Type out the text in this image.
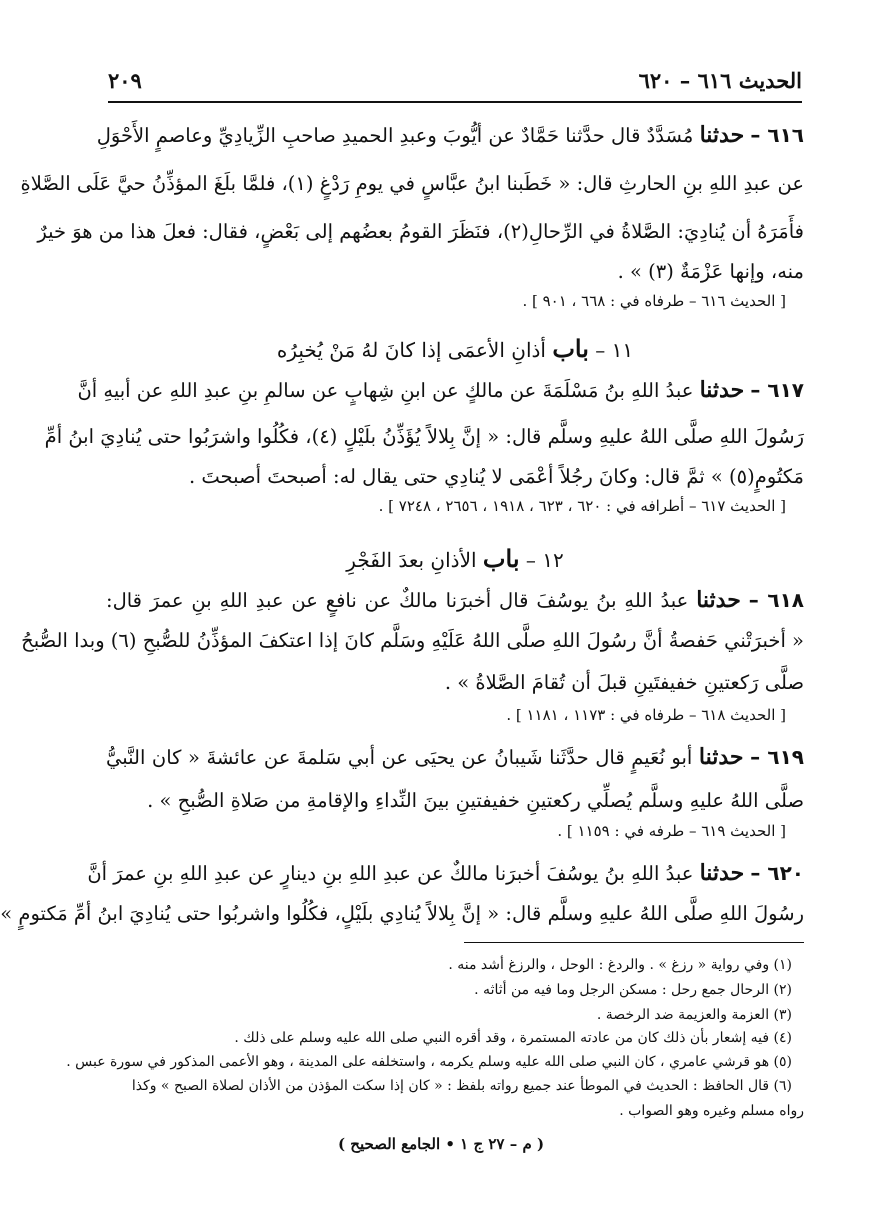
الحديث ٦١٦ – ٦٢٠
٢٠٩
٦١٦ – حدثنا مُسَدَّدٌ قال حدَّثنا حَمَّادٌ عن أيُّوبَ وعبدِ الحميدِ صاحبِ الزِّيادِيِّ وعاصمٍ الأَحْوَلِ
عن عبدِ اللهِ بنِ الحارثِ قال: « خَطَبنا ابنُ عبَّاسٍ في يومِ رَدْغٍ (١)، فلمَّا بلَغَ المؤذِّنُ حيَّ عَلَى الصَّلاةِ
فأَمَرَهُ أن يُنادِيَ: الصَّلاةُ في الرِّحالِ(٢)، فنَظَرَ القومُ بعضُهم إلى بَعْضٍ، فقال: فعلَ هذا من هوَ خيرٌ
منه، وإنها عَزْمَةٌ (٣) » .
[ الحديث ٦١٦ – طرفاه في : ٦٦٨ ، ٩٠١ ] .
١١ – باب أذانِ الأعمَى إذا كانَ لهُ مَنْ يُخبِرُه
٦١٧ – حدثنا عبدُ اللهِ بنُ مَسْلَمَةَ عن مالكٍ عن ابنِ شِهابٍ عن سالمِ بنِ عبدِ اللهِ عن أبيهِ أنَّ
رَسُولَ اللهِ صلَّى اللهُ عليهِ وسلَّم قال: « إنَّ بِلالاً يُؤَذِّنُ بلَيْلٍ (٤)، فكُلُوا واشرَبُوا حتى يُنادِيَ ابنُ أمِّ
مَكتُومٍ(٥) » ثمَّ قال: وكانَ رجُلاً أعْمَى لا يُنادِي حتى يقال له: أصبحتَ أصبحتَ .
[ الحديث ٦١٧ – أطرافه في : ٦٢٠ ، ٦٢٣ ، ١٩١٨ ، ٢٦٥٦ ، ٧٢٤٨ ] .
١٢ – باب الأذانِ بعدَ الفَجْرِ
٦١٨ – حدثنا عبدُ اللهِ بنُ يوسُفَ قال أخبرَنا مالكٌ عن نافعٍ عن عبدِ اللهِ بنِ عمرَ قال:
« أخبرَتْني حَفصةُ أنَّ رسُولَ اللهِ صلَّى اللهُ عَلَيْهِ وسَلَّم كانَ إذا اعتكفَ المؤذِّنُ للصُّبحِ (٦) وبدا الصُّبحُ
صلَّى رَكعتينِ خفيفتَينِ قبلَ أن تُقامَ الصَّلاةُ » .
[ الحديث ٦١٨ – طرفاه في : ١١٧٣ ، ١١٨١ ] .
٦١٩ – حدثنا أبو نُعَيمٍ قال حدَّثَنا شَيبانُ عن يحيَى عن أبي سَلمةَ عن عائشةَ « كان النَّبيُّ
صلَّى اللهُ عليهِ وسلَّم يُصلِّي ركعتينِ خفيفتينِ بينَ النِّداءِ والإقامةِ من صَلاةِ الصُّبحِ » .
[ الحديث ٦١٩ – طرفه في : ١١٥٩ ] .
٦٢٠ – حدثنا عبدُ اللهِ بنُ يوسُفَ أخبرَنا مالكٌ عن عبدِ اللهِ بنِ دينارٍ عن عبدِ اللهِ بنِ عمرَ أنَّ
رسُولَ اللهِ صلَّى اللهُ عليهِ وسلَّم قال: « إنَّ بِلالاً يُنادِي بلَيْلٍ، فكُلُوا واشربُوا حتى يُنادِيَ ابنُ أمِّ مَكتومٍ »
(١) وفي رواية « رزغ » . والردغ : الوحل ، والرزغ أشد منه .
(٢) الرحال جمع رحل : مسكن الرجل وما فيه من أثاثه .
(٣) العزمة والعزيمة ضد الرخصة .
(٤) فيه إشعار بأن ذلك كان من عادته المستمرة ، وقد أقره النبي صلى الله عليه وسلم على ذلك .
(٥) هو قرشي عامري ، كان النبي صلى الله عليه وسلم يكرمه ، واستخلفه على المدينة ، وهو الأعمى المذكور في سورة عبس .
(٦) قال الحافظ : الحديث في الموطأ عند جميع رواته بلفظ : « كان إذا سكت المؤذن من الأذان لصلاة الصبح » وكذا
رواه مسلم وغيره وهو الصواب .
( م – ٢٧ ج ١ • الجامع الصحيح )
